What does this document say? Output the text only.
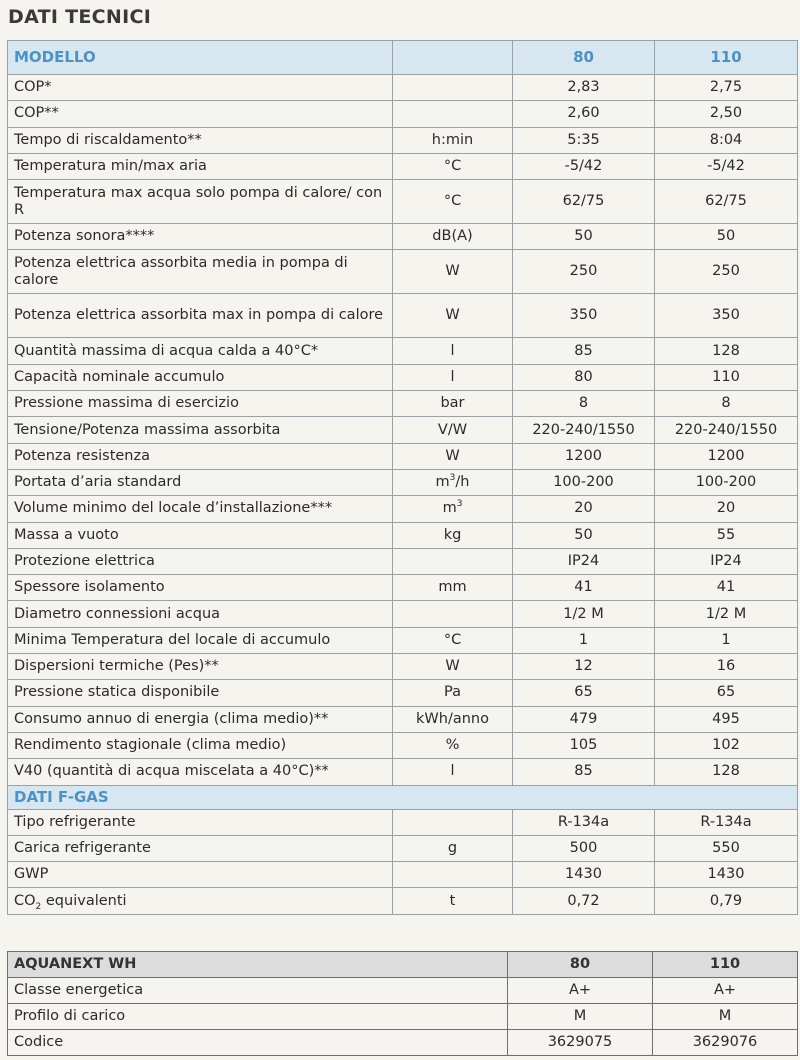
DATI TECNICI
MODELLO		80	110
COP*		2,83	2,75
COP**		2,60	2,50
Tempo di riscaldamento**	h:min	5:35	8:04
Temperatura min/max aria	°C	-5/42	-5/42
Temperatura max acqua solo pompa di calore/ con R	°C	62/75	62/75
Potenza sonora****	dB(A)	50	50
Potenza elettrica assorbita media in pompa di calore	W	250	250
Potenza elettrica assorbita max in pompa di calore	W	350	350
Quantità massima di acqua calda a 40°C*	l	85	128
Capacità nominale accumulo	l	80	110
Pressione massima di esercizio	bar	8	8
Tensione/Potenza massima assorbita	V/W	220-240/1550	220-240/1550
Potenza resistenza	W	1200	1200
Portata d’aria standard	$m^3/h$	100-200	100-200
Volume minimo del locale d’installazione***	$m^3$	20	20
Massa a vuoto	kg	50	55
Protezione elettrica		IP24	IP24
Spessore isolamento	mm	41	41
Diametro connessioni acqua		1/2 M	1/2 M
Minima Temperatura del locale di accumulo	°C	1	1
Dispersioni termiche (Pes)**	W	12	16
Pressione statica disponibile	Pa	65	65
Consumo annuo di energia (clima medio)**	kWh/anno	479	495
Rendimento stagionale (clima medio)	%	105	102
V40 (quantità di acqua miscelata a 40°C)**	l	85	128
DATI F-GAS			
Tipo refrigerante		R-134a	R-134a
Carica refrigerante	g	500	550
GWP		1430	1430
$CO_2$ equivalenti	t	0,72	0,79
AQUANEXT WH	80	110
Classe energetica	A+	A+
Profilo di carico	M	M
Codice	3629075	3629076
